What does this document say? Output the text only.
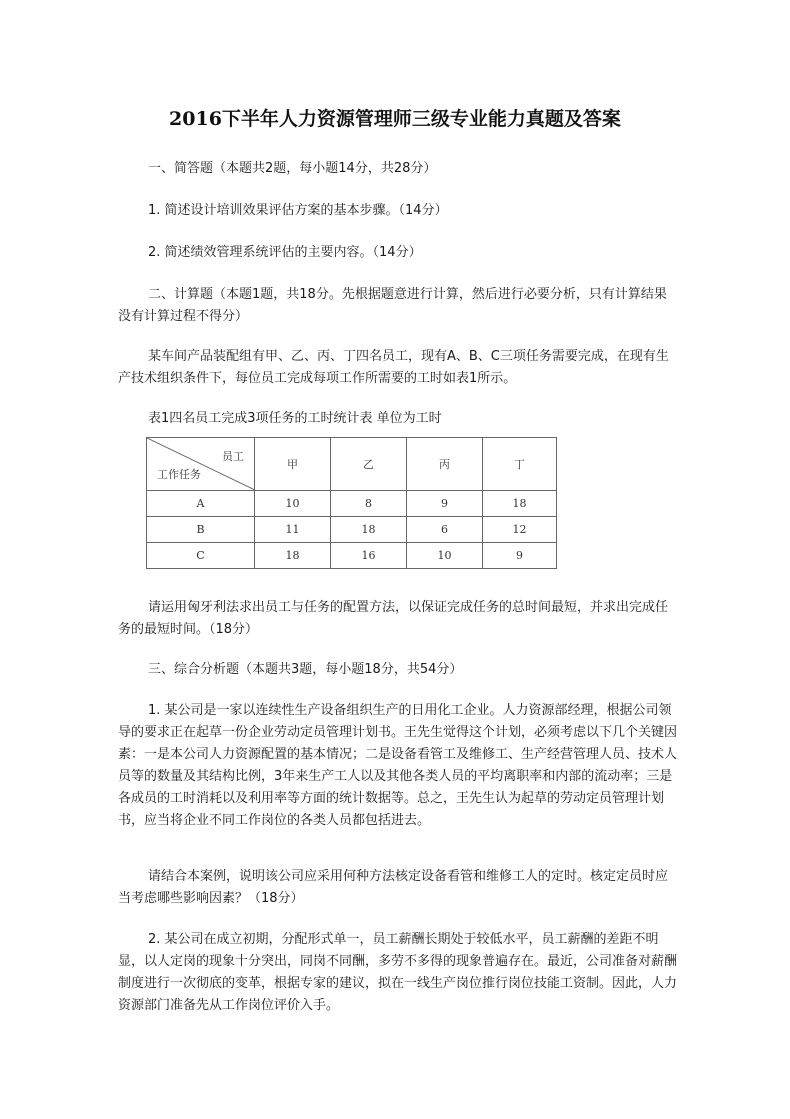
2016下半年人力资源管理师三级专业能力真题及答案

一、简答题（本题共2题，每小题14分，共28分）

1. 简述设计培训效果评估方案的基本步骤。（14分）

2. 简述绩效管理系统评估的主要内容。（14分）

二、计算题（本题1题，共18分。先根据题意进行计算，然后进行必要分析，只有计算结果没有计算过程不得分）

某车间产品装配组有甲、乙、丙、丁四名员工，现有A、B、C三项任务需要完成，在现有生产技术组织条件下，每位员工完成每项工作所需要的工时如表1所示。

表1四名员工完成3项任务的工时统计表 单位为工时

员工
工作任务	甲	乙	丙	丁
A	10	8	9	18
B	11	18	6	12
C	18	16	10	9

请运用匈牙利法求出员工与任务的配置方法，以保证完成任务的总时间最短，并求出完成任务的最短时间。（18分）

三、综合分析题（本题共3题，每小题18分，共54分）

1. 某公司是一家以连续性生产设备组织生产的日用化工企业。人力资源部经理，根据公司领导的要求正在起草一份企业劳动定员管理计划书。王先生觉得这个计划，必须考虑以下几个关键因素：一是本公司人力资源配置的基本情况；二是设备看管工及维修工、生产经营管理人员、技术人员等的数量及其结构比例，3年来生产工人以及其他各类人员的平均离职率和内部的流动率；三是各成员的工时消耗以及利用率等方面的统计数据等。总之，王先生认为起草的劳动定员管理计划书，应当将企业不同工作岗位的各类人员都包括进去。

请结合本案例，说明该公司应采用何种方法核定设备看管和维修工人的定时。核定定员时应当考虑哪些影响因素？（18分）

2. 某公司在成立初期，分配形式单一，员工薪酬长期处于较低水平，员工薪酬的差距不明显，以人定岗的现象十分突出，同岗不同酬，多劳不多得的现象普遍存在。最近，公司准备对薪酬制度进行一次彻底的变革，根据专家的建议，拟在一线生产岗位推行岗位技能工资制。因此，人力资源部门准备先从工作岗位评价入手。
